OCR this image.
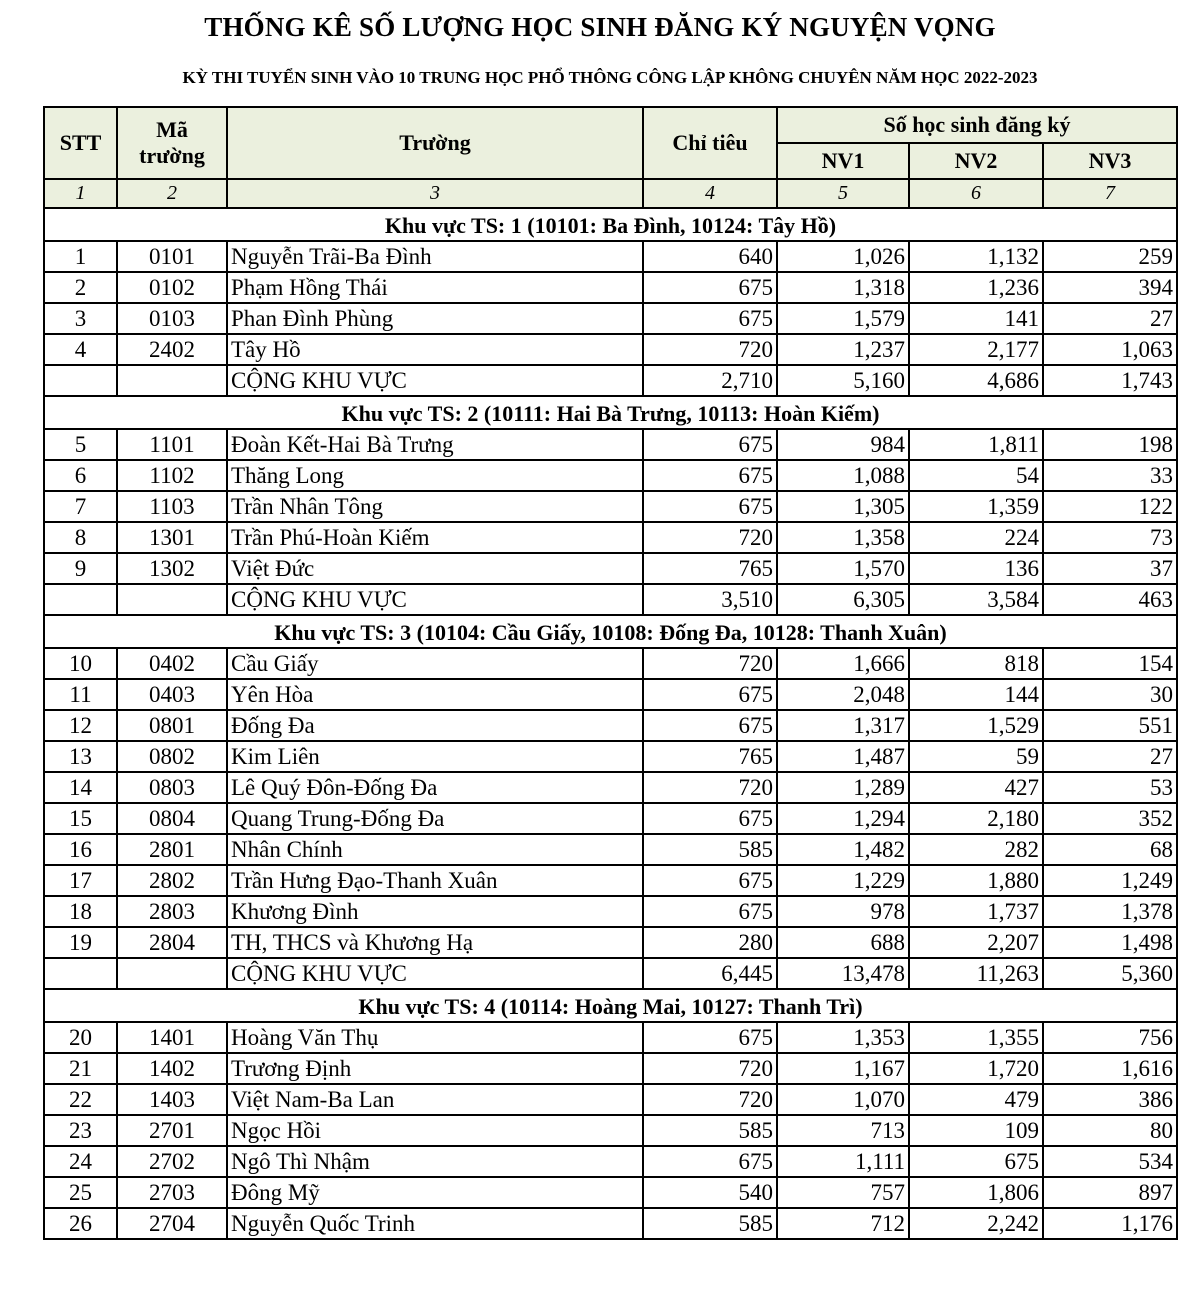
THỐNG KÊ SỐ LƯỢNG HỌC SINH ĐĂNG KÝ NGUYỆN VỌNG
KỲ THI TUYỂN SINH VÀO 10 TRUNG HỌC PHỔ THÔNG CÔNG LẬP KHÔNG CHUYÊN NĂM HỌC 2022-2023
STT	Mã trường	Trường	Chỉ tiêu	Số học sinh đăng ký		
				NV1	NV2	NV3
1	2	3	4	5	6	7
Khu vực TS: 1 (10101: Ba Đình, 10124: Tây Hồ)						
1	0101	Nguyễn Trãi-Ba Đình	640	1,026	1,132	259
2	0102	Phạm Hồng Thái	675	1,318	1,236	394
3	0103	Phan Đình Phùng	675	1,579	141	27
4	2402	Tây Hồ	720	1,237	2,177	1,063
		CỘNG KHU VỰC	2,710	5,160	4,686	1,743
Khu vực TS: 2 (10111: Hai Bà Trưng, 10113: Hoàn Kiếm)						
5	1101	Đoàn Kết-Hai Bà Trưng	675	984	1,811	198
6	1102	Thăng Long	675	1,088	54	33
7	1103	Trần Nhân Tông	675	1,305	1,359	122
8	1301	Trần Phú-Hoàn Kiếm	720	1,358	224	73
9	1302	Việt Đức	765	1,570	136	37
		CỘNG KHU VỰC	3,510	6,305	3,584	463
Khu vực TS: 3 (10104: Cầu Giấy, 10108: Đống Đa, 10128: Thanh Xuân)						
10	0402	Cầu Giấy	720	1,666	818	154
11	0403	Yên Hòa	675	2,048	144	30
12	0801	Đống Đa	675	1,317	1,529	551
13	0802	Kim Liên	765	1,487	59	27
14	0803	Lê Quý Đôn-Đống Đa	720	1,289	427	53
15	0804	Quang Trung-Đống Đa	675	1,294	2,180	352
16	2801	Nhân Chính	585	1,482	282	68
17	2802	Trần Hưng Đạo-Thanh Xuân	675	1,229	1,880	1,249
18	2803	Khương Đình	675	978	1,737	1,378
19	2804	TH, THCS và Khương Hạ	280	688	2,207	1,498
		CỘNG KHU VỰC	6,445	13,478	11,263	5,360
Khu vực TS: 4 (10114: Hoàng Mai, 10127: Thanh Trì)						
20	1401	Hoàng Văn Thụ	675	1,353	1,355	756
21	1402	Trương Định	720	1,167	1,720	1,616
22	1403	Việt Nam-Ba Lan	720	1,070	479	386
23	2701	Ngọc Hồi	585	713	109	80
24	2702	Ngô Thì Nhậm	675	1,111	675	534
25	2703	Đông Mỹ	540	757	1,806	897
26	2704	Nguyễn Quốc Trinh	585	712	2,242	1,176
